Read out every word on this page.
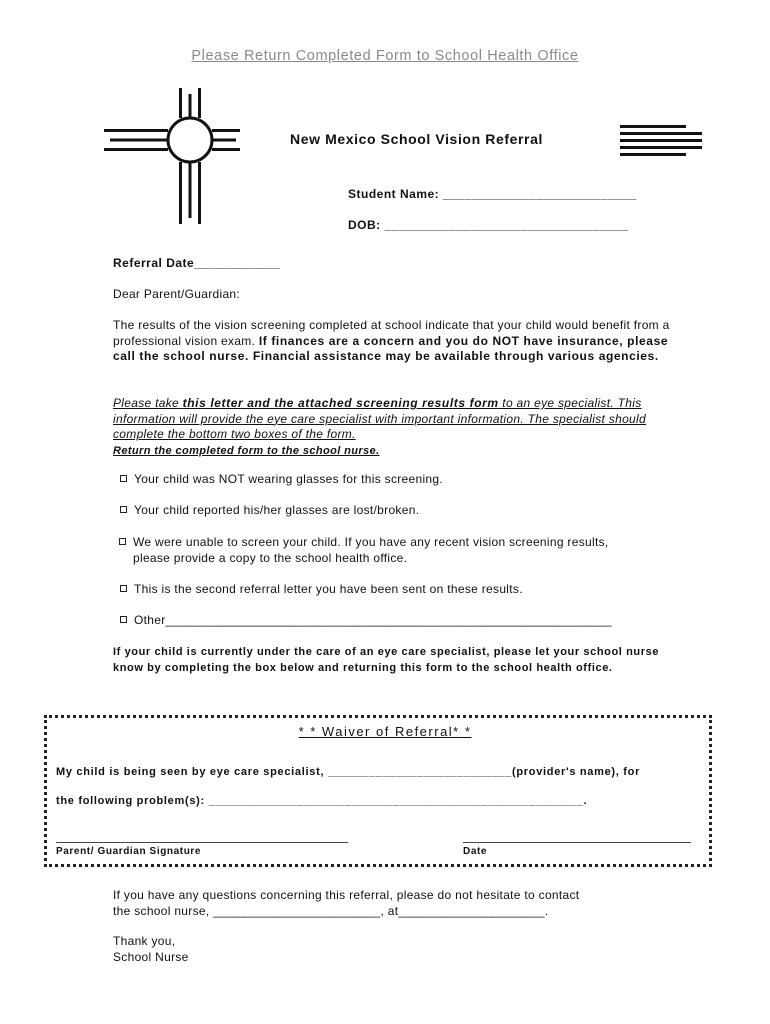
Please Return Completed Form to School Health Office
New Mexico School Vision Referral
Student Name: ___________________________
DOB: __________________________________
Referral Date____________
Dear Parent/Guardian:
The results of the vision screening completed at school indicate that your child would benefit from a professional vision exam. If finances are a concern and you do NOT have insurance, please call the school nurse. Financial assistance may be available through various agencies.
Please take this letter and the attached screening results form to an eye specialist. This information will provide the eye care specialist with important information. The specialist should complete the bottom two boxes of the form.
Return the completed form to the school nurse.
Your child was NOT wearing glasses for this screening.
Your child reported his/her glasses are lost/broken.
We were unable to screen your child. If you have any recent vision screening results, please provide a copy to the school health office.
This is the second referral letter you have been sent on these results.
Other________________________________________________________________
If your child is currently under the care of an eye care specialist, please let your school nurse know by completing the box below and returning this form to the school health office.
* * Waiver of Referral* *
My child is being seen by eye care specialist, ___________________________(provider's name), for
the following problem(s): _______________________________________________________.
Parent/ Guardian Signature	Date
If you have any questions concerning this referral, please do not hesitate to contact
the school nurse, ________________________, at_____________________.
Thank you,
School Nurse
